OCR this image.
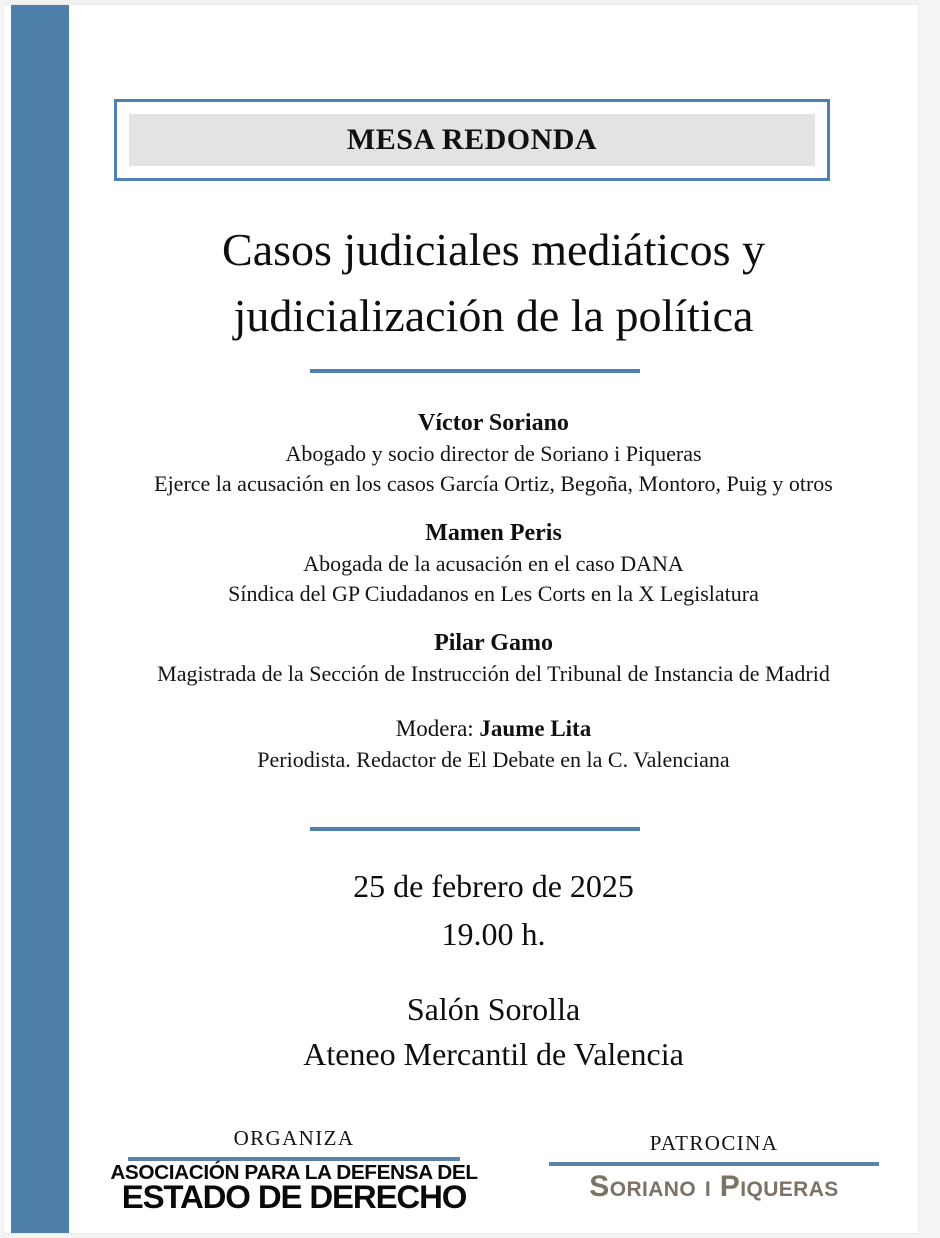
MESA REDONDA
Casos judiciales mediáticos y
judicialización de la política
Víctor Soriano
Abogado y socio director de Soriano i Piqueras
Ejerce la acusación en los casos García Ortiz, Begoña, Montoro, Puig y otros
Mamen Peris
Abogada de la acusación en el caso DANA
Síndica del GP Ciudadanos en Les Corts en la X Legislatura
Pilar Gamo
Magistrada de la Sección de Instrucción del Tribunal de Instancia de Madrid
Modera: Jaume Lita
Periodista. Redactor de El Debate en la C. Valenciana
25 de febrero de 2025
19.00 h.
Salón Sorolla
Ateneo Mercantil de Valencia
ORGANIZA
ASOCIACIÓN PARA LA DEFENSA DEL
ESTADO DE DERECHO
PATROCINA
Soriano i Piqueras
